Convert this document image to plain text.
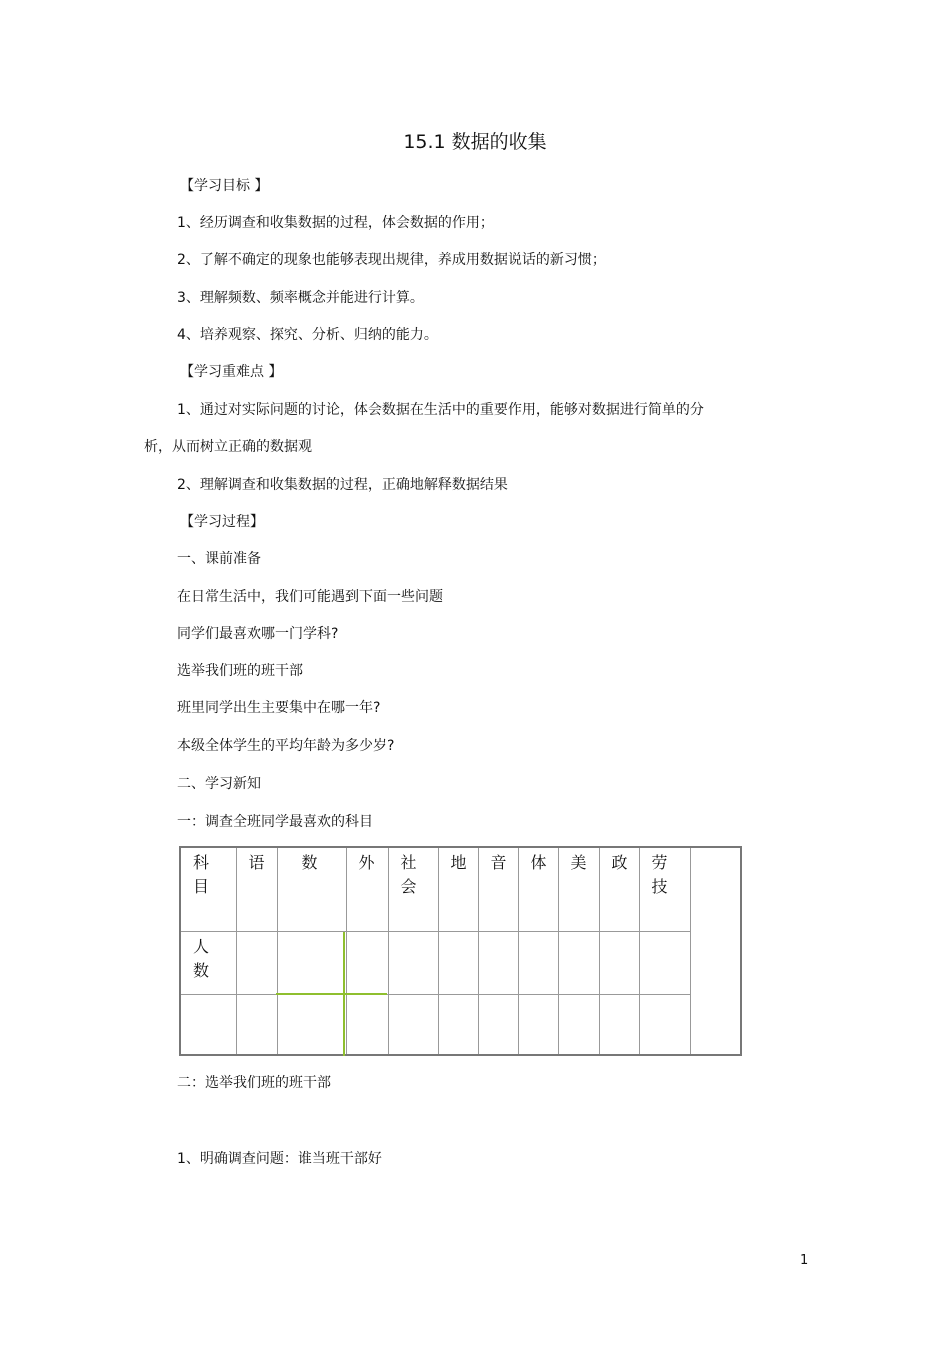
15.1 数据的收集
【学习目标 】
1、经历调查和收集数据的过程，体会数据的作用；
2、了解不确定的现象也能够表现出规律，养成用数据说话的新习惯；
3、理解频数、频率概念并能进行计算。
4、培养观察、探究、分析、归纳的能力。
【学习重难点 】
1、通过对实际问题的讨论，体会数据在生活中的重要作用，能够对数据进行简单的分
析，从而树立正确的数据观
2、理解调查和收集数据的过程，正确地解释数据结果
【学习过程】
一、课前准备
在日常生活中，我们可能遇到下面一些问题
同学们最喜欢哪一门学科?
选举我们班的班干部
班里同学出生主要集中在哪一年?
本级全体学生的平均年龄为多少岁?
二、学习新知
一：调查全班同学最喜欢的科目
科目	语	数	外	社会	地	音	体	美	政	劳技	
人数											

二：选举我们班的班干部
1、明确调查问题：谁当班干部好
1
